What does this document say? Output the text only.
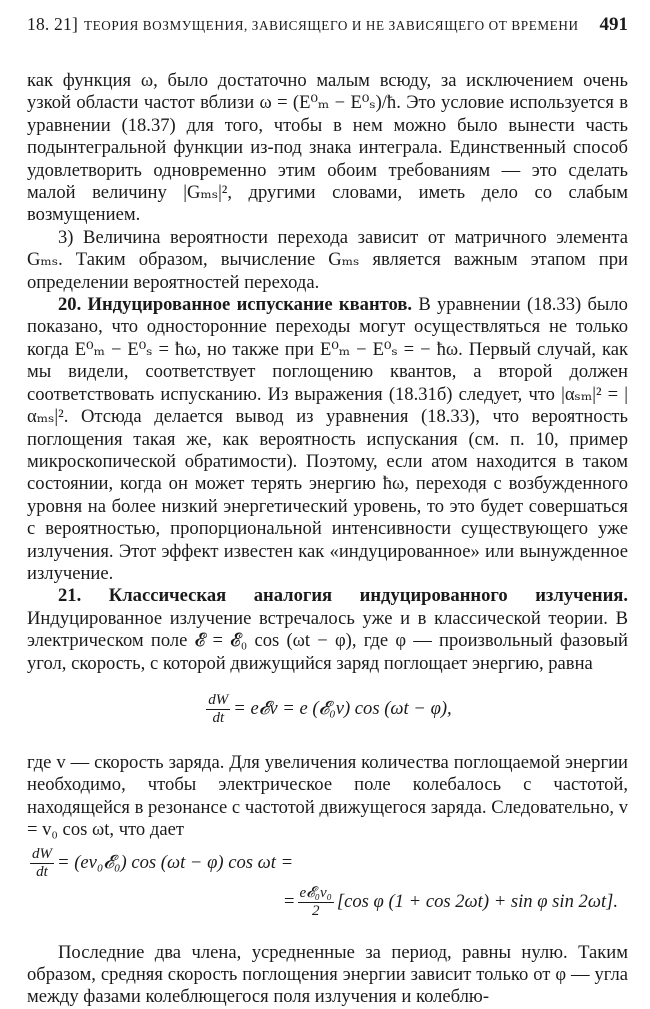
18. 21] ТЕОРИЯ ВОЗМУЩЕНИЯ, ЗАВИСЯЩЕГО И НЕ ЗАВИСЯЩЕГО ОТ ВРЕМЕНИ 491

как функция ω, было достаточно малым всюду, за исключением очень узкой области частот вблизи ω = (E⁰ₘ − E⁰ₛ)/ħ. Это условие используется в уравнении (18.37) для того, чтобы в нем можно было вынести часть подынтегральной функции из-под знака интеграла. Единственный способ удовлетворить одновременно этим обоим требованиям — это сделать малой величину |Gₘₛ|², другими словами, иметь дело со слабым возмущением.

3) Величина вероятности перехода зависит от матричного элемента Gₘₛ. Таким образом, вычисление Gₘₛ является важным этапом при определении вероятностей перехода.

20. Индуцированное испускание квантов. В уравнении (18.33) было показано, что односторонние переходы могут осуществляться не только когда E⁰ₘ − E⁰ₛ = ħω, но также при E⁰ₘ − E⁰ₛ = − ħω. Первый случай, как мы видели, соответствует поглощению квантов, а второй должен соответствовать испусканию. Из выражения (18.31б) следует, что |αₛₘ|² = |αₘₛ|². Отсюда делается вывод из уравнения (18.33), что вероятность поглощения такая же, как вероятность испускания (см. п. 10, пример микроскопической обратимости). Поэтому, если атом находится в таком состоянии, когда он может терять энергию ħω, переходя с возбужденного уровня на более низкий энергетический уровень, то это будет совершаться с вероятностью, пропорциональной интенсивности существующего уже излучения. Этот эффект известен как «индуцированное» или вынужденное излучение.

21. Классическая аналогия индуцированного излучения. Индуцированное излучение встречалось уже и в классической теории. В электрическом поле 𝓔 = 𝓔₀ cos (ωt − φ), где φ — произвольный фазовый угол, скорость, с которой движущийся заряд поглощает энергию, равна

$\frac{dW}{dt}$ = e𝓔v = e (𝓔₀v) cos (ωt − φ),

где v — скорость заряда. Для увеличения количества поглощаемой энергии необходимо, чтобы электрическое поле колебалось с частотой, находящейся в резонансе с частотой движущегося заряда. Следовательно, v = v₀ cos ωt, что дает

$\frac{dW}{dt}$ = (ev₀𝓔₀) cos (ωt − φ) cos ωt =
= $\frac{\text{e𝓔₀v₀}}{2} [\cos$ φ (1 + cos 2ωt) + sin φ sin 2ωt].

Последние два члена, усредненные за период, равны нулю. Таким образом, средняя скорость поглощения энергии зависит только от φ — угла между фазами колеблющегося поля излучения и колеблю-
